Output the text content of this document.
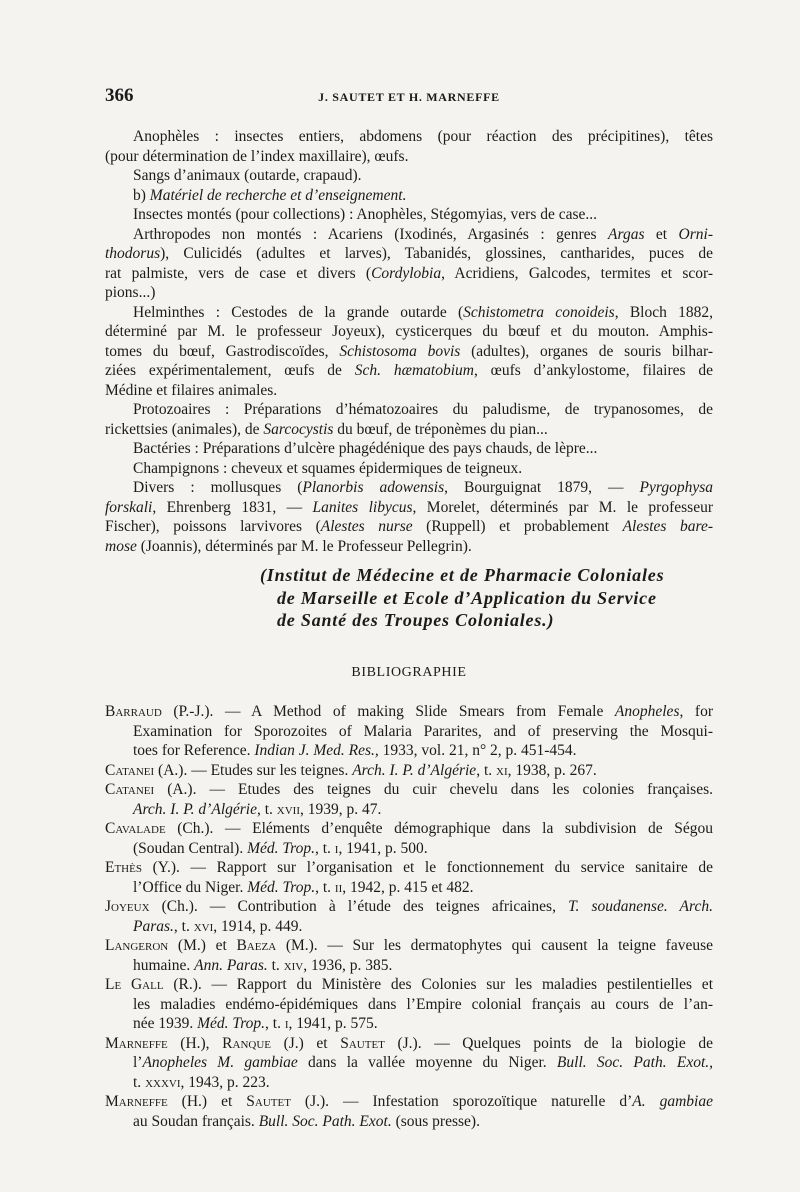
366	J. SAUTET ET H. MARNEFFE
Anophèles : insectes entiers, abdomens (pour réaction des précipitines), têtes
(pour détermination de l’index maxillaire), œufs.
Sangs d’animaux (outarde, crapaud).
b) Matériel de recherche et d’enseignement.
Insectes montés (pour collections) : Anophèles, Stégomyias, vers de case...
Arthropodes non montés : Acariens (Ixodinés, Argasinés : genres Argas et Orni-
thodorus), Culicidés (adultes et larves), Tabanidés, glossines, cantharides, puces de
rat palmiste, vers de case et divers (Cordylobia, Acridiens, Galcodes, termites et scor-
pions...)
Helminthes : Cestodes de la grande outarde (Schistometra conoideis, Bloch 1882,
déterminé par M. le professeur Joyeux), cysticerques du bœuf et du mouton. Amphis-
tomes du bœuf, Gastrodiscoïdes, Schistosoma bovis (adultes), organes de souris bilhar-
ziées expérimentalement, œufs de Sch. hæmatobium, œufs d’ankylostome, filaires de
Médine et filaires animales.
Protozoaires : Préparations d’hématozoaires du paludisme, de trypanosomes, de
rickettsies (animales), de Sarcocystis du bœuf, de tréponèmes du pian...
Bactéries : Préparations d’ulcère phagédénique des pays chauds, de lèpre...
Champignons : cheveux et squames épidermiques de teigneux.
Divers : mollusques (Planorbis adowensis, Bourguignat 1879, — Pyrgophysa
forskali, Ehrenberg 1831, — Lanites libycus, Morelet, déterminés par M. le professeur
Fischer), poissons larvivores (Alestes nurse (Ruppell) et probablement Alestes bare-
mose (Joannis), déterminés par M. le Professeur Pellegrin).
(Institut de Médecine et de Pharmacie Coloniales
de Marseille et Ecole d’Application du Service
de Santé des Troupes Coloniales.)
BIBLIOGRAPHIE
Barraud (P.-J.). — A Method of making Slide Smears from Female Anopheles, for
Examination for Sporozoites of Malaria Pararites, and of preserving the Mosqui-
toes for Reference. Indian J. Med. Res., 1933, vol. 21, n° 2, p. 451-454.
Catanei (A.). — Etudes sur les teignes. Arch. I. P. d’Algérie, t. xi, 1938, p. 267.
Catanei (A.). — Etudes des teignes du cuir chevelu dans les colonies françaises.
Arch. I. P. d’Algérie, t. xvii, 1939, p. 47.
Cavalade (Ch.). — Eléments d’enquête démographique dans la subdivision de Ségou
(Soudan Central). Méd. Trop., t. i, 1941, p. 500.
Ethès (Y.). — Rapport sur l’organisation et le fonctionnement du service sanitaire de
l’Office du Niger. Méd. Trop., t. ii, 1942, p. 415 et 482.
Joyeux (Ch.). — Contribution à l’étude des teignes africaines, T. soudanense. Arch.
Paras., t. xvi, 1914, p. 449.
Langeron (M.) et Baeza (M.). — Sur les dermatophytes qui causent la teigne faveuse
humaine. Ann. Paras. t. xiv, 1936, p. 385.
Le Gall (R.). — Rapport du Ministère des Colonies sur les maladies pestilentielles et
les maladies endémo-épidémiques dans l’Empire colonial français au cours de l’an-
née 1939. Méd. Trop., t. i, 1941, p. 575.
Marneffe (H.), Ranque (J.) et Sautet (J.). — Quelques points de la biologie de
l’Anopheles M. gambiae dans la vallée moyenne du Niger. Bull. Soc. Path. Exot.,
t. xxxvi, 1943, p. 223.
Marneffe (H.) et Sautet (J.). — Infestation sporozoïtique naturelle d’A. gambiae
au Soudan français. Bull. Soc. Path. Exot. (sous presse).
